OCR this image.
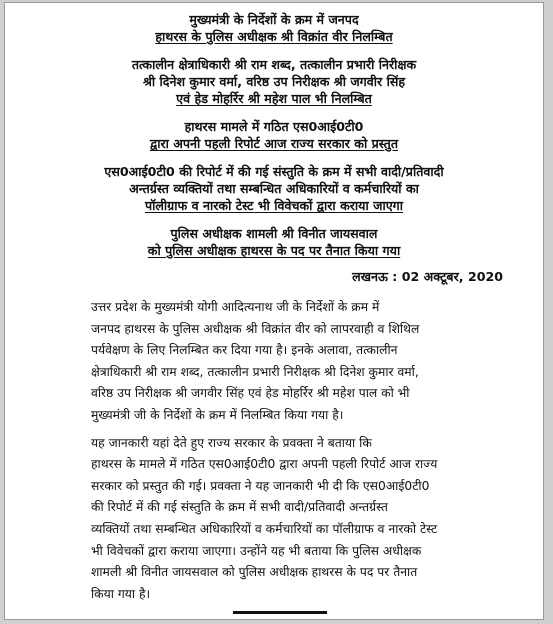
मुख्यमंत्री के निर्देशों के क्रम में जनपद
हाथरस के पुलिस अधीक्षक श्री विक्रांत वीर निलम्बित
तत्कालीन क्षेत्राधिकारी श्री राम शब्द, तत्कालीन प्रभारी निरीक्षक
श्री दिनेश कुमार वर्मा, वरिष्ठ उप निरीक्षक श्री जगवीर सिंह
एवं हेड मोहर्रिर श्री महेश पाल भी निलम्बित
हाथरस मामले में गठित एस0आई0टी0
द्वारा अपनी पहली रिपोर्ट आज राज्य सरकार को प्रस्तुत
एस0आई0टी0 की रिपोर्ट में की गई संस्तुति के क्रम में सभी वादी/प्रतिवादी
अन्तर्ग्रस्त व्यक्तियों तथा सम्बन्धित अधिकारियों व कर्मचारियों का
पॉलीग्राफ व नारको टेस्ट भी विवेचकों द्वारा कराया जाएगा
पुलिस अधीक्षक शामली श्री विनीत जायसवाल
को पुलिस अधीक्षक हाथरस के पद पर तैनात किया गया
लखनऊ : 02 अक्टूबर, 2020
उत्तर प्रदेश के मुख्यमंत्री योगी आदित्यनाथ जी के निर्देशों के क्रम में
जनपद हाथरस के पुलिस अधीक्षक श्री विक्रांत वीर को लापरवाही व शिथिल
पर्यवेक्षण के लिए निलम्बित कर दिया गया है। इनके अलावा, तत्कालीन
क्षेत्राधिकारी श्री राम शब्द, तत्कालीन प्रभारी निरीक्षक श्री दिनेश कुमार वर्मा,
वरिष्ठ उप निरीक्षक श्री जगवीर सिंह एवं हेड मोहर्रिर श्री महेश पाल को भी
मुख्यमंत्री जी के निर्देशों के क्रम में निलम्बित किया गया है।
यह जानकारी यहां देते हुए राज्य सरकार के प्रवक्ता ने बताया कि
हाथरस के मामले में गठित एस0आई0टी0 द्वारा अपनी पहली रिपोर्ट आज राज्य
सरकार को प्रस्तुत की गई। प्रवक्ता ने यह जानकारी भी दी कि एस0आई0टी0
की रिपोर्ट में की गई संस्तुति के क्रम में सभी वादी/प्रतिवादी अन्तर्ग्रस्त
व्यक्तियों तथा सम्बन्धित अधिकारियों व कर्मचारियों का पॉलीग्राफ व नारको टेस्ट
भी विवेचकों द्वारा कराया जाएगा। उन्होंने यह भी बताया कि पुलिस अधीक्षक
शामली श्री विनीत जायसवाल को पुलिस अधीक्षक हाथरस के पद पर तैनात
किया गया है।
